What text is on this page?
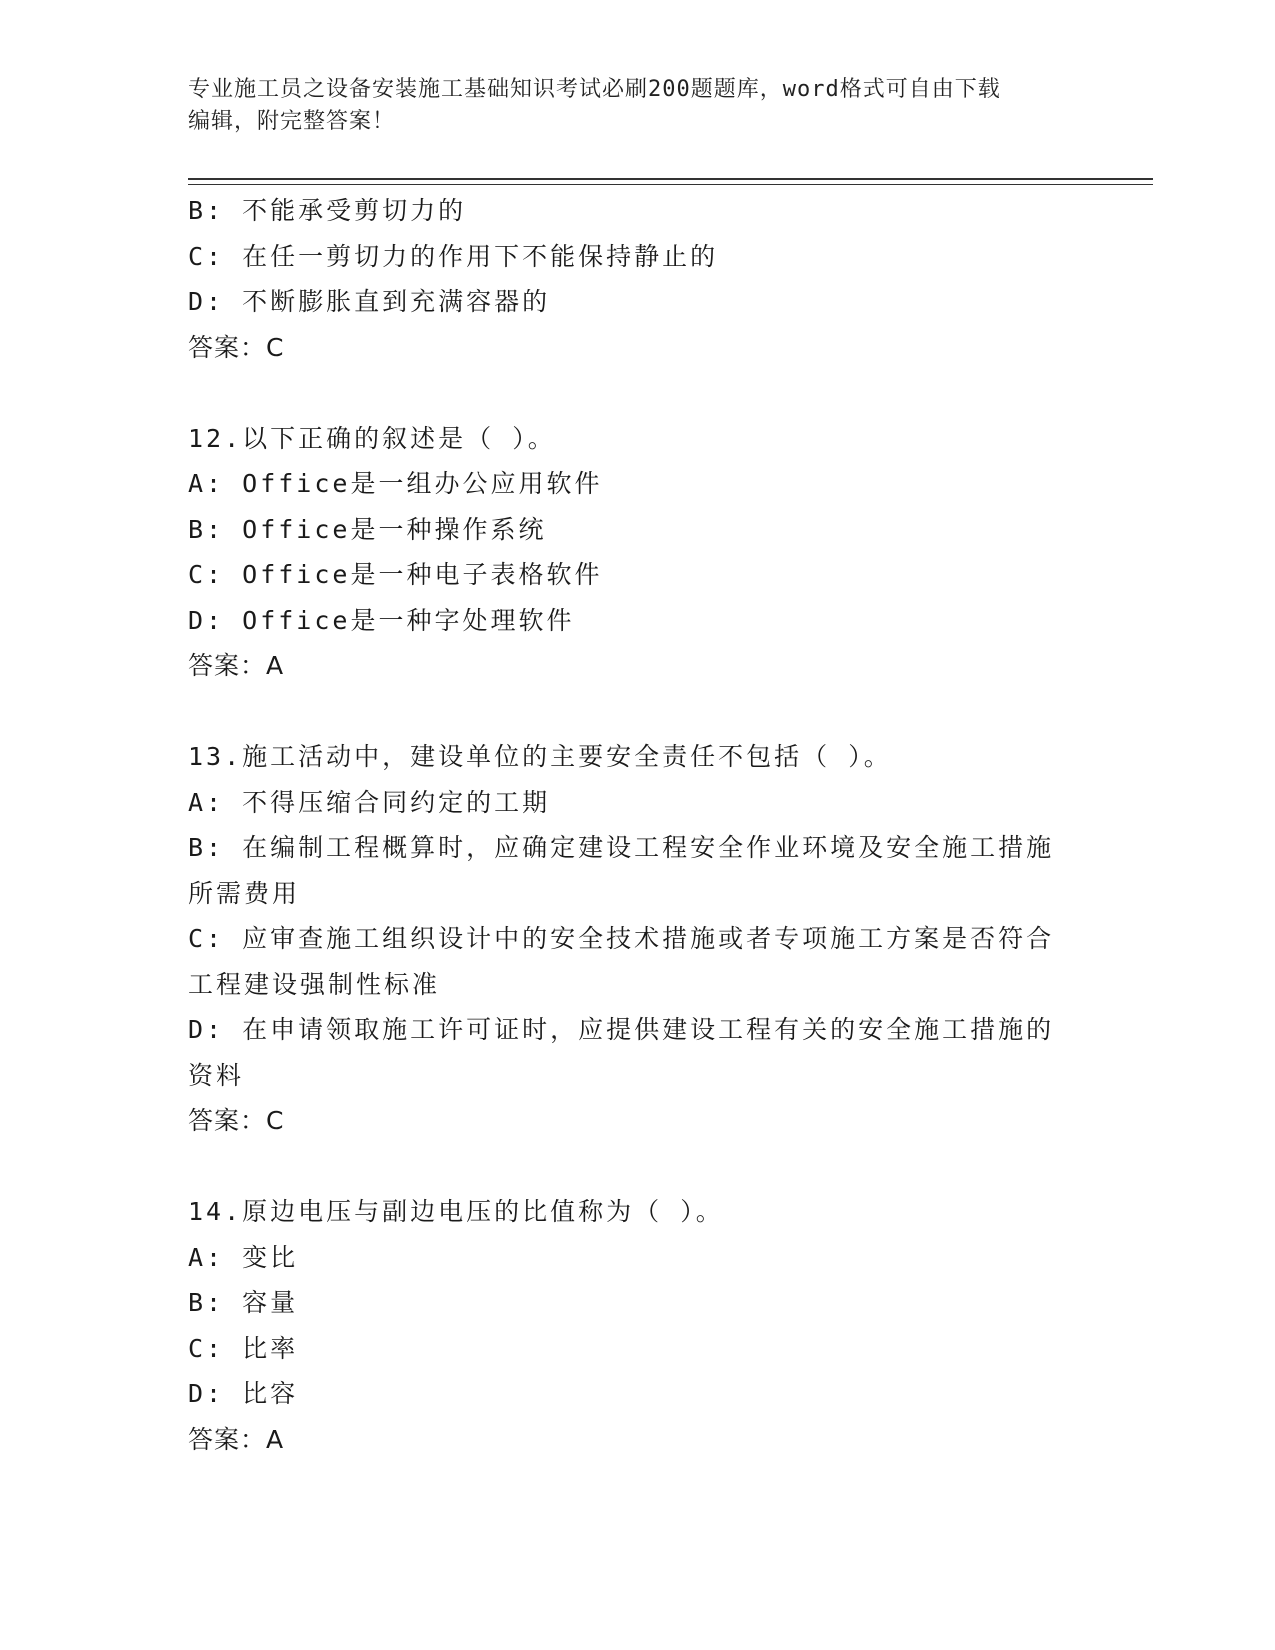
专业施工员之设备安装施工基础知识考试必刷200题题库，word格式可自由下载
编辑，附完整答案！
B: 不能承受剪切力的
C: 在任一剪切力的作用下不能保持静止的
D: 不断膨胀直到充满容器的
答案：C
12.以下正确的叙述是（ ）。
A: Office是一组办公应用软件
B: Office是一种操作系统
C: Office是一种电子表格软件
D: Office是一种字处理软件
答案：A
13.施工活动中，建设单位的主要安全责任不包括（ ）。
A: 不得压缩合同约定的工期
B: 在编制工程概算时，应确定建设工程安全作业环境及安全施工措施
所需费用
C: 应审查施工组织设计中的安全技术措施或者专项施工方案是否符合
工程建设强制性标准
D: 在申请领取施工许可证时，应提供建设工程有关的安全施工措施的
资料
答案：C
14.原边电压与副边电压的比值称为（ ）。
A: 变比
B: 容量
C: 比率
D: 比容
答案：A
